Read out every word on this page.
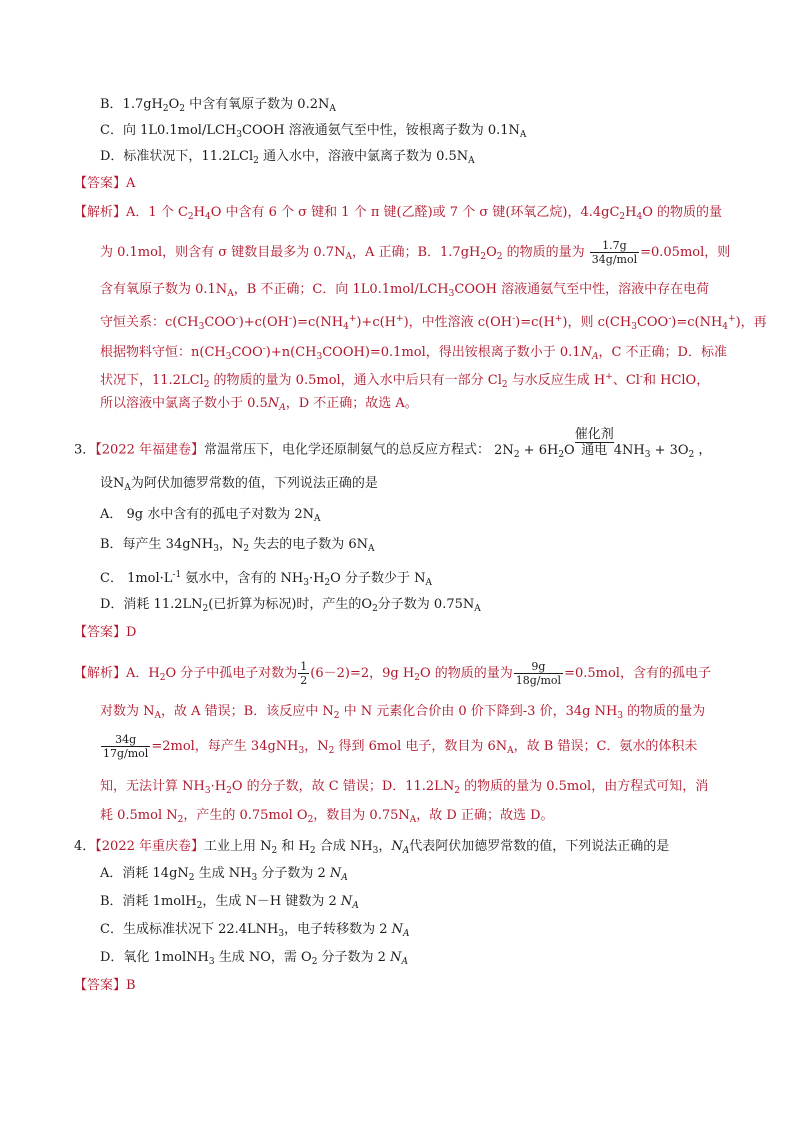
B．$1.7gH_2O_2$ 中含有氧原子数为 $0.2N_A$
C．向 $1L0.1mol/LCH_3COOH$ 溶液通氨气至中性，铵根离子数为 $0.1N_A$
D．标准状况下，11.2LCl$_2$ 通入水中，溶液中氯离子数为 $0.5N_A$
【答案】A
【解析】A．1 个 $C_2H_4O$ 中含有 6 个 σ 键和 1 个 π 键(乙醛)或 7 个 σ 键(环氧乙烷)，$4.4gC_2H_4O$ 的物质的量
为 0.1mol，则含有 σ 键数目最多为 $0.7N_A$，A 正确；B．$1.7gH_2O_2$ 的物质的量为 $\frac{1.7g}{\text{34g/mol}} =0.05mol$，则
含有氧原子数为 $0.1N_A$，B 不正确；C．向 $1L0.1mol/LCH_3COOH$ 溶液通氨气至中性，溶液中存在电荷
守恒关系：$c(CH_3COO^-)+c(OH^-)=c(NH_4^+)+c(H^+)$，中性溶液 c(OH-)=c(H+)，则 $c(CH_3COO^-)=c(NH_4^+)$，再
根据物料守恒：$n(CH_3COO^-)+n(CH_3COOH)=0.1mol$，得出铵根离子数小于 $0.1N_A$，C 不正确；D．标准
状况下，11.2LCl$_2$ 的物质的量为 0.5mol，通入水中后只有一部分 $Cl_2$ 与水反应生成 H+、Cl-和 HClO，
所以溶液中氯离子数小于 $0.5N_A$，D 不正确；故选 A。
3．【2022 年福建卷】常温常压下，电化学还原制氨气的总反应方程式： $2N_2 + 6H_2O$
催化剂
通电 $4NH_3 + 3O_2$ ，
设$N_A$为阿伏加德罗常数的值，下列说法正确的是
A． 9g 水中含有的孤电子对数为 $2N_A$
B．每产生 34gNH$_3$，$N_2$ 失去的电子数为 $6N_A$
C． $1mol\cdot L^{-1}$ 氨水中，含有的 $NH_3\cdot H_2O$ 分子数少于 $N_A$
D．消耗 $11.2LN_2$(已折算为标况)时，产生的$O_2$分子数为 $0.75N_A$
【答案】D
【解析】A．$H_2O$ 分子中孤电子对数为 $\frac{1}{2} (6-2)=2$，9g $H_2O$ 的物质的量为 $\frac{9g}{\text{18g/mol}} =0.5mol$，含有的孤电子
对数为 $N_A$，故 A 错误；B．该反应中 $N_2$ 中 N 元素化合价由 0 价下降到-3 价，34g $NH_3$ 的物质的量为
$\frac{34g}{\text{17g/mol}} =2mol$，每产生 34gNH$_3$，$N_2$ 得到 6mol 电子，数目为 $6N_A$，故 B 错误；C．氨水的体积未
知，无法计算 $NH_3\cdot H_2O$ 的分子数，故 C 错误；D．$11.2LN_2$ 的物质的量为 0.5mol，由方程式可知，消
耗 0.5mol $N_2$，产生的 0.75mol $O_2$，数目为 $0.75N_A$，故 D 正确；故选 D。
4．【2022 年重庆卷】工业上用 $N_2$ 和 $H_2$ 合成 $NH_3$，$N_A$代表阿伏加德罗常数的值，下列说法正确的是
A．消耗 $14gN_2$ 生成 $NH_3$ 分子数为 2 $N_A$
B．消耗 1molH$_2$，生成 N－H 键数为 2 $N_A$
C．生成标准状况下 $22.4LNH_3$，电子转移数为 2 $N_A$
D．氧化 1molNH$_3$ 生成 NO，需 $O_2$ 分子数为 2 $N_A$
【答案】B
